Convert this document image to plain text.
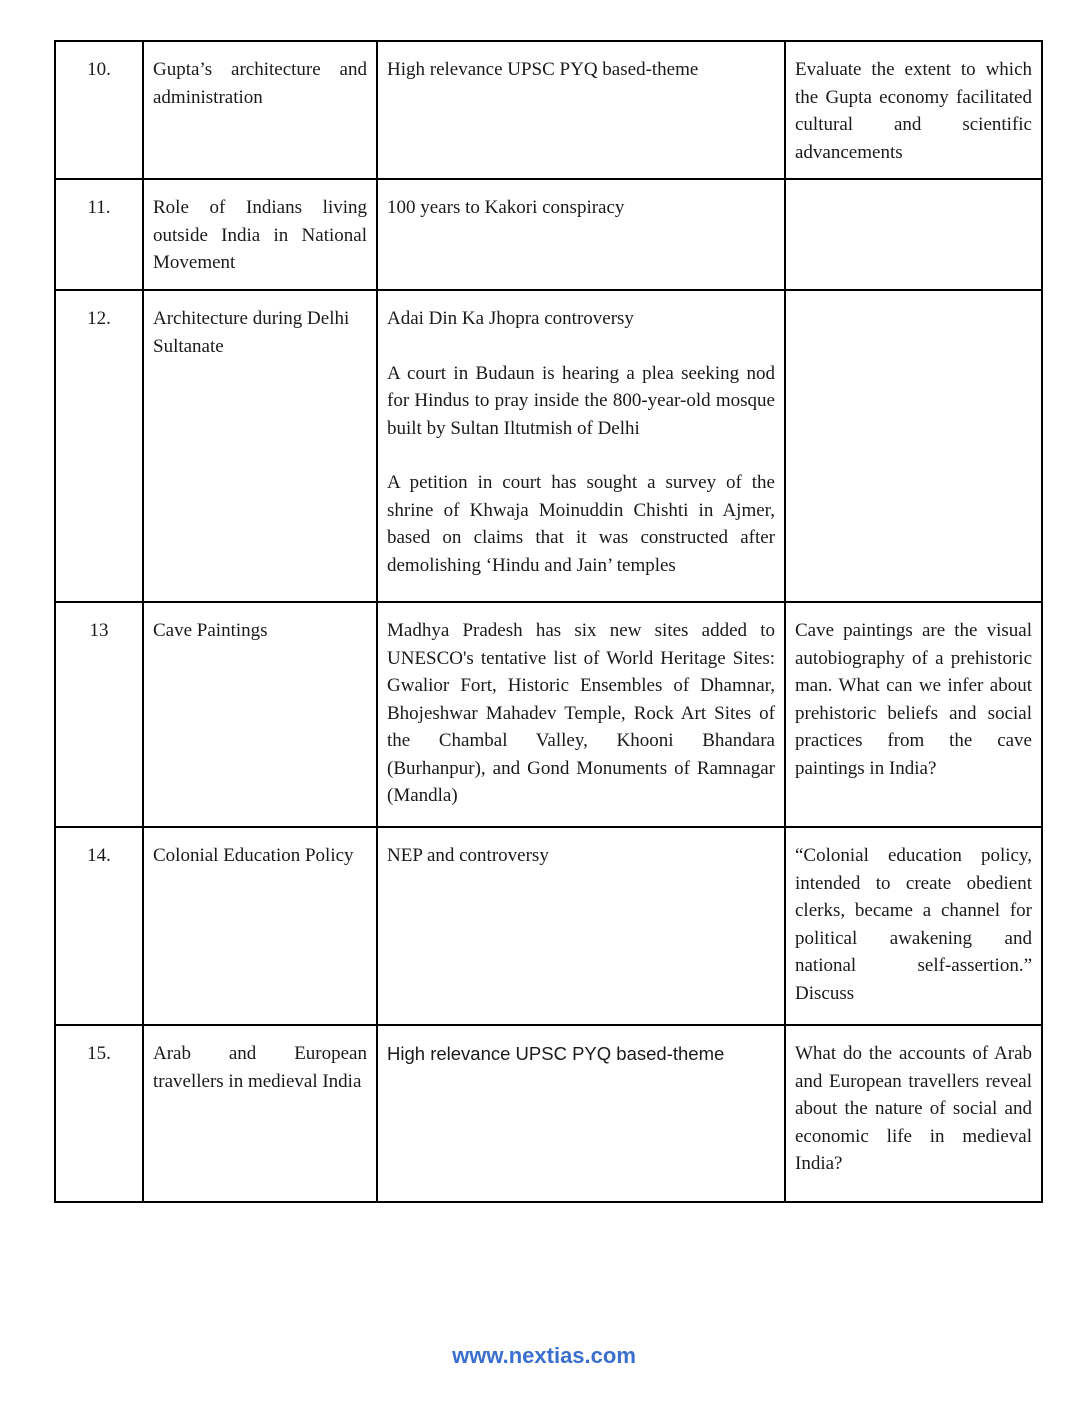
10.	Gupta’s architecture and administration	High relevance UPSC PYQ based-theme	Evaluate the extent to which the Gupta economy facilitated cultural and scientific advancements
11.	Role of Indians living outside India in National Movement	100 years to Kakori conspiracy	

12.	Architecture during Delhi Sultanate	Adai Din Ka Jhopra controversy

A court in Budaun is hearing a plea seeking nod for Hindus to pray inside the 800-year-old mosque built by Sultan Iltutmish of Delhi

A petition in court has sought a survey of the shrine of Khwaja Moinuddin Chishti in Ajmer, based on claims that it was constructed after demolishing ‘Hindu and Jain’ temples	

13	Cave Paintings	Madhya Pradesh has six new sites added to UNESCO's tentative list of World Heritage Sites: Gwalior Fort, Historic Ensembles of Dhamnar, Bhojeshwar Mahadev Temple, Rock Art Sites of the Chambal Valley, Khooni Bhandara (Burhanpur), and Gond Monuments of Ramnagar (Mandla)	Cave paintings are the visual autobiography of a prehistoric man. What can we infer about prehistoric beliefs and social practices from the cave paintings in India?
14.	Colonial Education Policy	NEP and controversy	“Colonial education policy, intended to create obedient clerks, became a channel for political awakening and national self-assertion.” Discuss
15.	Arab and European travellers in medieval India	High relevance UPSC PYQ based-theme	What do the accounts of Arab and European travellers reveal about the nature of social and economic life in medieval India?
www.nextias.com
